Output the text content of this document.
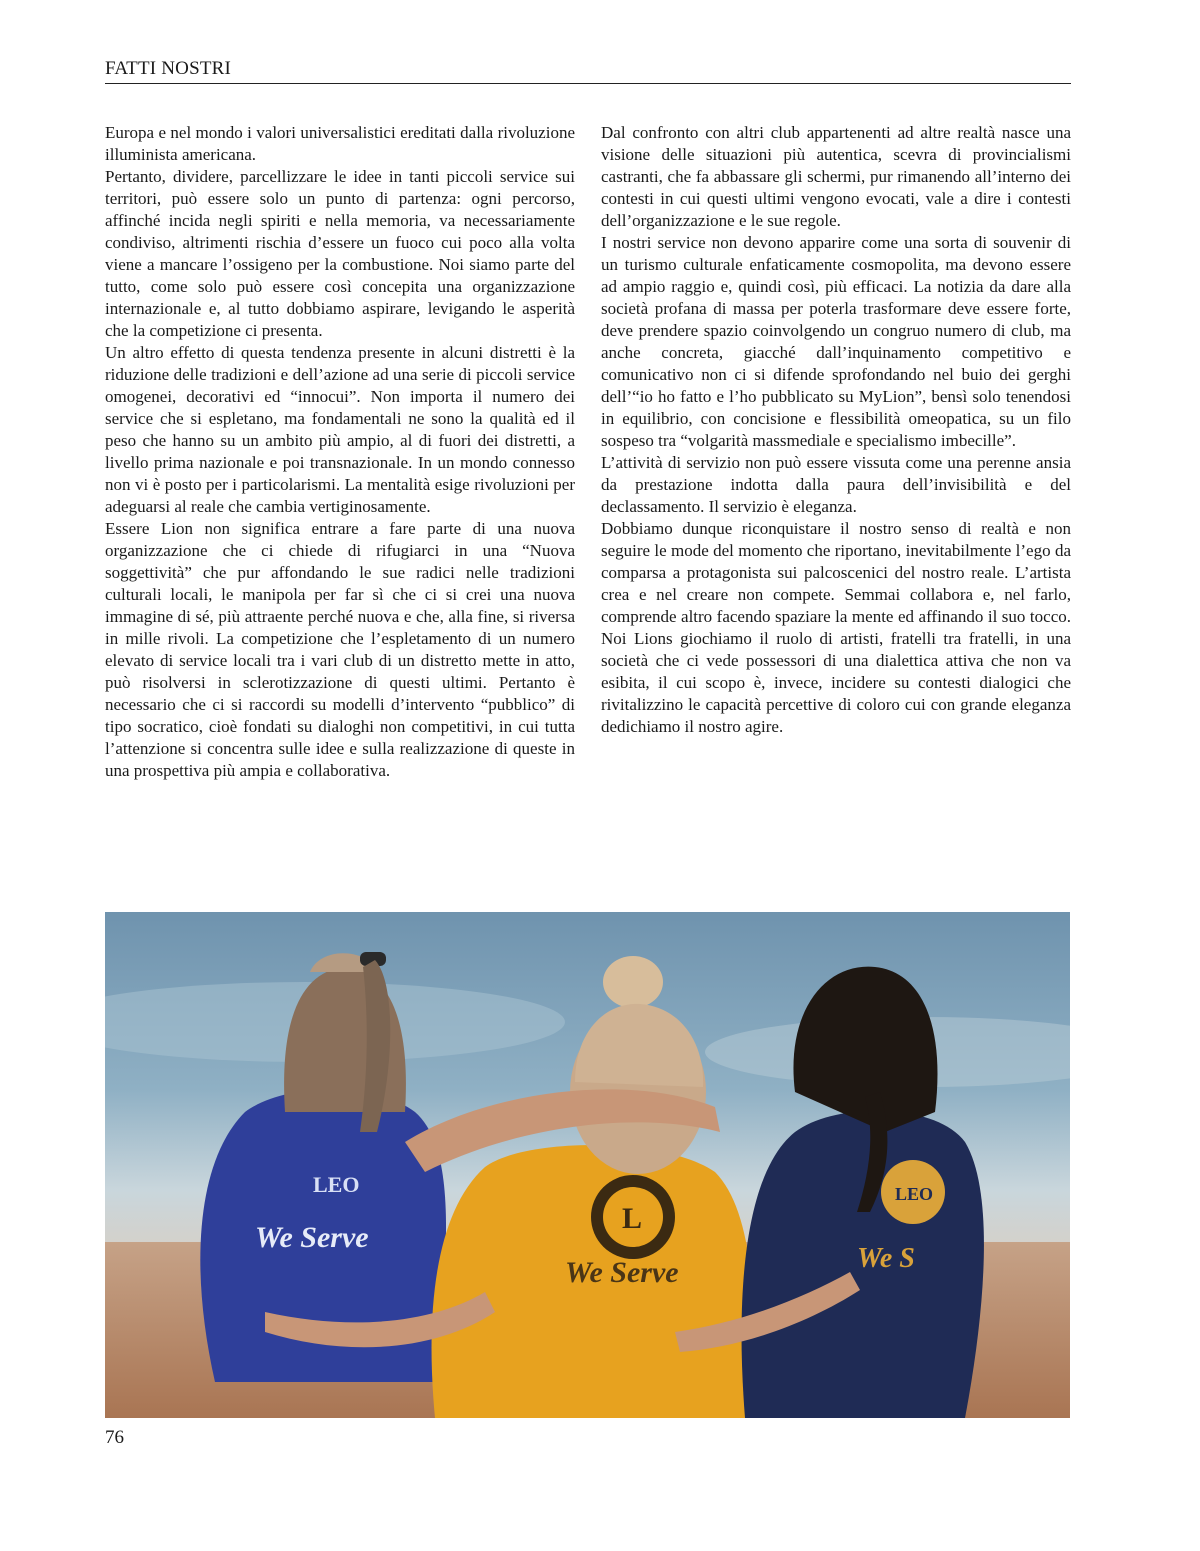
FATTI NOSTRI

Europa e nel mondo i valori universalistici ereditati dalla rivoluzione illuminista americana.

Pertanto, dividere, parcellizzare le idee in tanti piccoli service sui territori, può essere solo un punto di partenza: ogni percorso, affinché incida negli spiriti e nella memoria, va necessariamente condiviso, altrimenti rischia d’essere un fuoco cui poco alla volta viene a mancare l’ossigeno per la combustione. Noi siamo parte del tutto, come solo può essere così concepita una organizzazione internazionale e, al tutto dobbiamo aspirare, levigando le asperità che la competizione ci presenta.

Un altro effetto di questa tendenza presente in alcuni distretti è la riduzione delle tradizioni e dell’azione ad una serie di piccoli service omogenei, decorativi ed “innocui”. Non importa il numero dei service che si espletano, ma fondamentali ne sono la qualità ed il peso che hanno su un ambito più ampio, al di fuori dei distretti, a livello prima nazionale e poi transnazionale. In un mondo connesso non vi è posto per i particolarismi. La mentalità esige rivoluzioni per adeguarsi al reale che cambia vertiginosamente.

Essere Lion non significa entrare a fare parte di una nuova organizzazione che ci chiede di rifugiarci in una “Nuova soggettività” che pur affondando le sue radici nelle tradizioni culturali locali, le manipola per far sì che ci si crei una nuova immagine di sé, più attraente perché nuova e che, alla fine, si riversa in mille rivoli. La competizione che l’espletamento di un numero elevato di service locali tra i vari club di un distretto mette in atto, può risolversi in sclerotizzazione di questi ultimi. Pertanto è necessario che ci si raccordi su modelli d’intervento “pubblico” di tipo socratico, cioè fondati su dialoghi non competitivi, in cui tutta l’attenzione si concentra sulle idee e sulla realizzazione di queste in una prospettiva più ampia e collaborativa.

Dal confronto con altri club appartenenti ad altre realtà nasce una visione delle situazioni più autentica, scevra di provincialismi castranti, che fa abbassare gli schermi, pur rimanendo all’interno dei contesti in cui questi ultimi vengono evocati, vale a dire i contesti dell’organizzazione e le sue regole.

I nostri service non devono apparire come una sorta di souvenir di un turismo culturale enfaticamente cosmopolita, ma devono essere ad ampio raggio e, quindi così, più efficaci. La notizia da dare alla società profana di massa per poterla trasformare deve essere forte, deve prendere spazio coinvolgendo un congruo numero di club, ma anche concreta, giacché dall’inquinamento competitivo e comunicativo non ci si difende sprofondando nel buio dei gerghi dell’“io ho fatto e l’ho pubblicato su MyLion”, bensì solo tenendosi in equilibrio, con concisione e flessibilità omeopatica, su un filo sospeso tra “volgarità massmediale e specialismo imbecille”.

L’attività di servizio non può essere vissuta come una perenne ansia da prestazione indotta dalla paura dell’invisibilità e del declassamento. Il servizio è eleganza.

Dobbiamo dunque riconquistare il nostro senso di realtà e non seguire le mode del momento che riportano, inevitabilmente l’ego da comparsa a protagonista sui palcoscenici del nostro reale. L’artista crea e nel creare non compete. Semmai collabora e, nel farlo, comprende altro facendo spaziare la mente ed affinando il suo tocco. Noi Lions giochiamo il ruolo di artisti, fratelli tra fratelli, in una società che ci vede possessori di una dialettica attiva che non va esibita, il cui scopo è, invece, incidere su contesti dialogici che rivitalizzino le capacità percettive di coloro cui con grande eleganza dedichiamo il nostro agire.

LEO
We Serve
L
We Serve
LEO
We S
76
